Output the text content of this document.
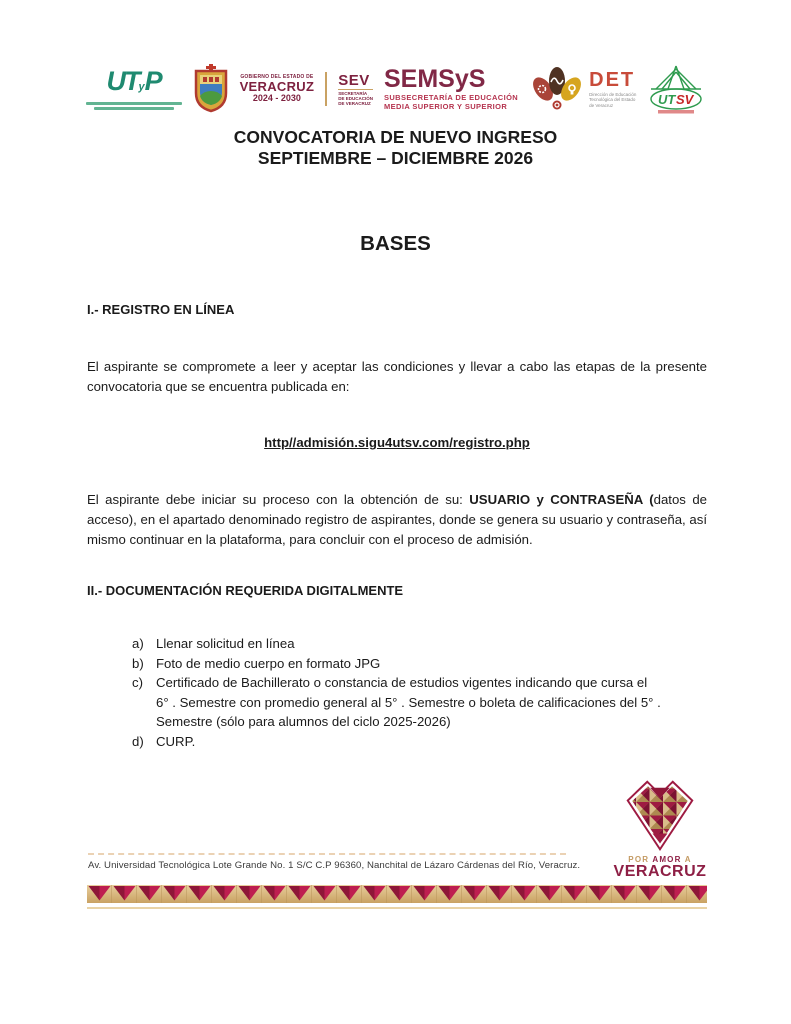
UTyP	GOBIERNO DEL ESTADO DE
VERACRUZ
2024 - 2030
SEV
SECRETARÍA
DE EDUCACIÓN
DE VERACRUZ
SEMSyS
SUBSECRETARÍA DE EDUCACIÓN
MEDIA SUPERIOR Y SUPERIOR
DET
Dirección de Educación
Tecnológica del Estado
de Veracruz	UT SV
CONVOCATORIA DE NUEVO INGRESO
SEPTIEMBRE – DICIEMBRE 2026
BASES
I.- REGISTRO EN LÍNEA

El aspirante se compromete a leer y aceptar las condiciones y llevar a cabo las etapas de la presente convocatoria que se encuentra publicada en:

http//admisión.sigu4utsv.com/registro.php

El aspirante debe iniciar su proceso con la obtención de su: USUARIO y CONTRASEÑA (datos de acceso), en el apartado denominado registro de aspirantes, donde se genera su usuario y contraseña, así mismo continuar en la plataforma, para concluir con el proceso de admisión.

II.- DOCUMENTACIÓN REQUERIDA DIGITALMENTE
a) Llenar solicitud en línea
b) Foto de medio cuerpo en formato JPG
c) Certificado de Bachillerato o constancia de estudios vigentes indicando que cursa el 6° . Semestre con promedio general al 5° . Semestre o boleta de calificaciones del 5° . Semestre (sólo para alumnos del ciclo 2025-2026)
d) CURP.
Av. Universidad Tecnológica Lote Grande No. 1 S/C C.P 96360, Nanchital de Lázaro Cárdenas del Río, Veracruz.
POR AMOR A
VERACRUZ
